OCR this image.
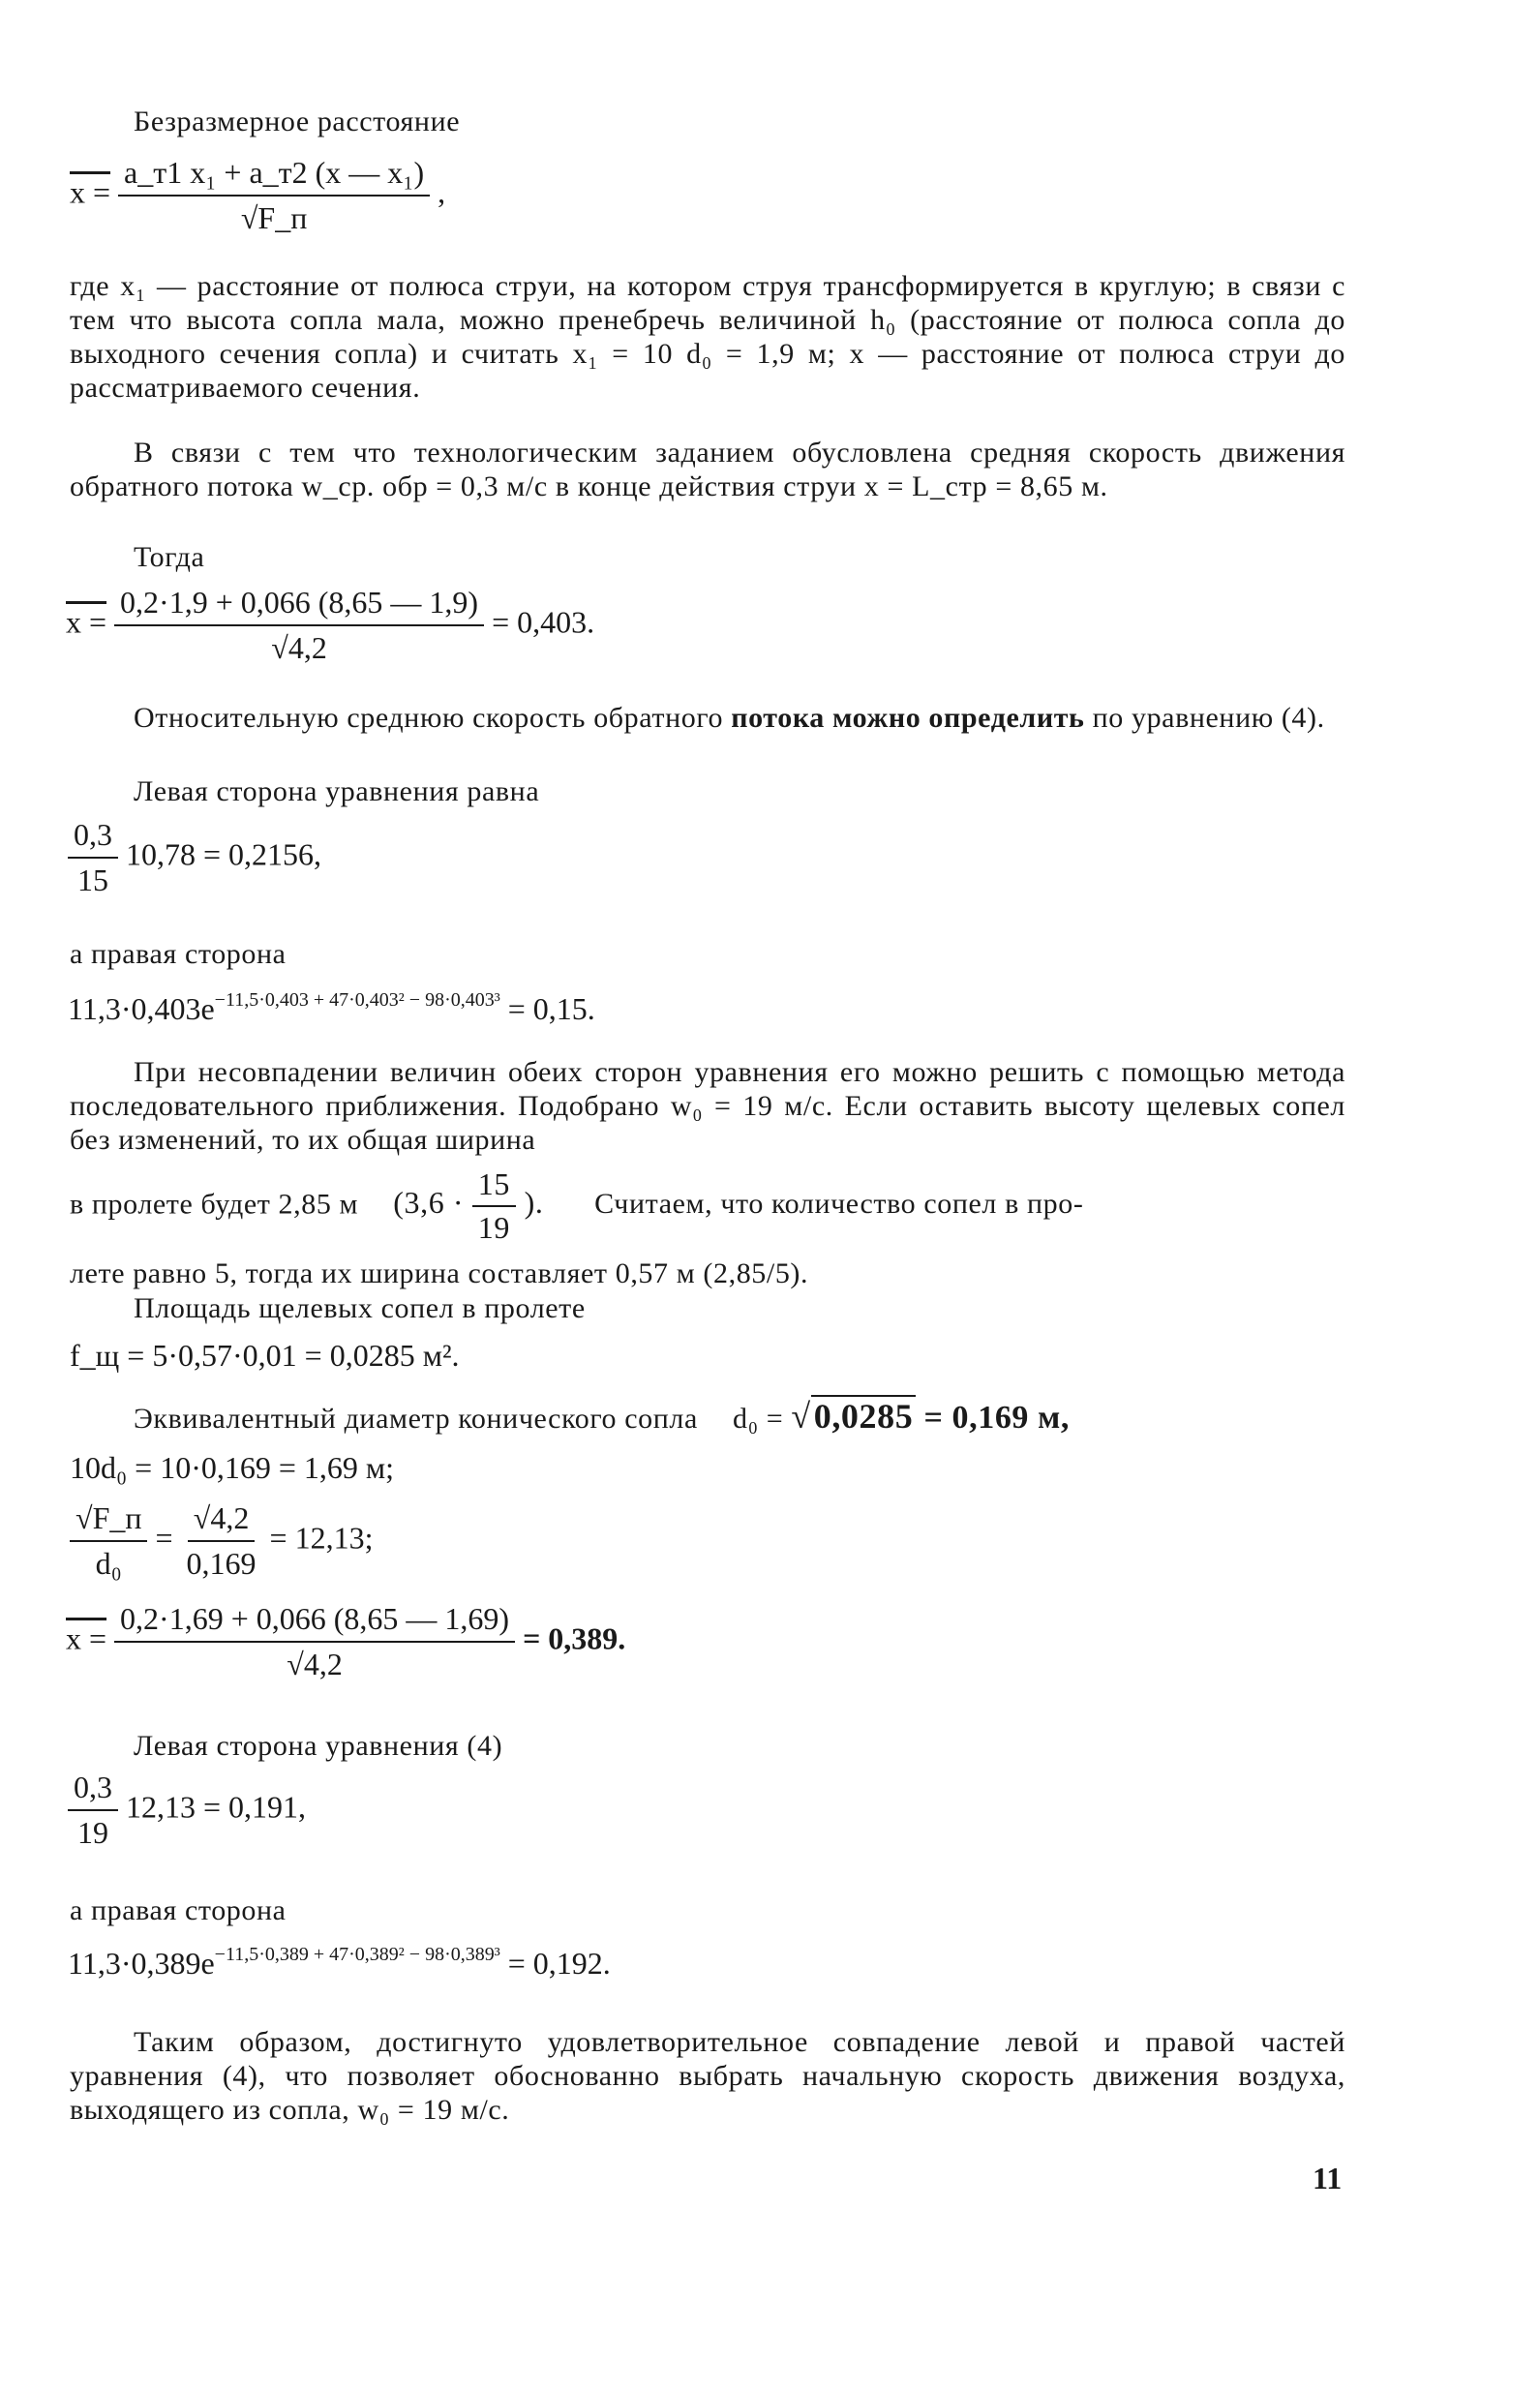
Безразмерное расстояние
$x = \frac{\text{a\_т1 x₁ + a\_т2 (x — x₁)}}{√F\_п}$ ,
где x₁ — расстояние от полюса струи, на котором струя трансформируется в круглую; в связи с тем что высота сопла мала, можно пренебречь величиной h₀ (расстояние от полюса сопла до выходного сечения сопла) и считать x₁ = 10 d₀ = 1,9 м; x — расстояние от полюса струи до рассматриваемого сечения.
В связи с тем что технологическим заданием обусловлена средняя скорость движения обратного потока w_ср. обр = 0,3 м/с в конце действия струи x = L_стр = 8,65 м.
Тогда
$x = \frac{0,2\cdot 1,9 + 0,066 (8,65 — 1,9)}{√4,2} = 0,403$.
Относительную среднюю скорость обратного потока можно определить по уравнению (4).
Левая сторона уравнения равна
$\frac{0,3}{15} 10,78 = 0,2156$,
а правая сторона
$11,3\cdot 0,403e^{-11,5\cdot 0,403 + 47\cdot 0,403^2 - 98\cdot 0,403^3} = 0,15$.
При несовпадении величин обеих сторон уравнения его можно решить с помощью метода последовательного приближения. Подобрано w₀ = 19 м/с. Если оставить высоту щелевых сопел без изменений, то их общая ширина
в пролете будет 2,85 м ($3,6 \cdot \frac{15}{19}$ ). Считаем, что количество сопел в про-
лете равно 5, тогда их ширина составляет 0,57 м (2,85/5).
Площадь щелевых сопел в пролете
f_щ = 5·0,57·0,01 = 0,0285 м².
Эквивалентный диаметр конического сопла d₀ = √0,0285 = 0,169 м,
10d₀ = 10·0,169 = 1,69 м;
$\frac{√F\_п}{\text{d₀}} = \frac{√4,2}{0,169} = 12,13$;
$x = \frac{0,2\cdot 1,69 + 0,066 (8,65 — 1,69)}{√4,2} = 0,389$.
Левая сторона уравнения (4)
$\frac{0,3}{19} 12,13 = 0,191$,
а правая сторона
$11,3\cdot 0,389e^{-11,5\cdot 0,389 + 47\cdot 0,389^2 - 98\cdot 0,389^3} = 0,192$.
Таким образом, достигнуто удовлетворительное совпадение левой и правой частей уравнения (4), что позволяет обоснованно выбрать начальную скорость движения воздуха, выходящего из сопла, w₀ = 19 м/с.
11
